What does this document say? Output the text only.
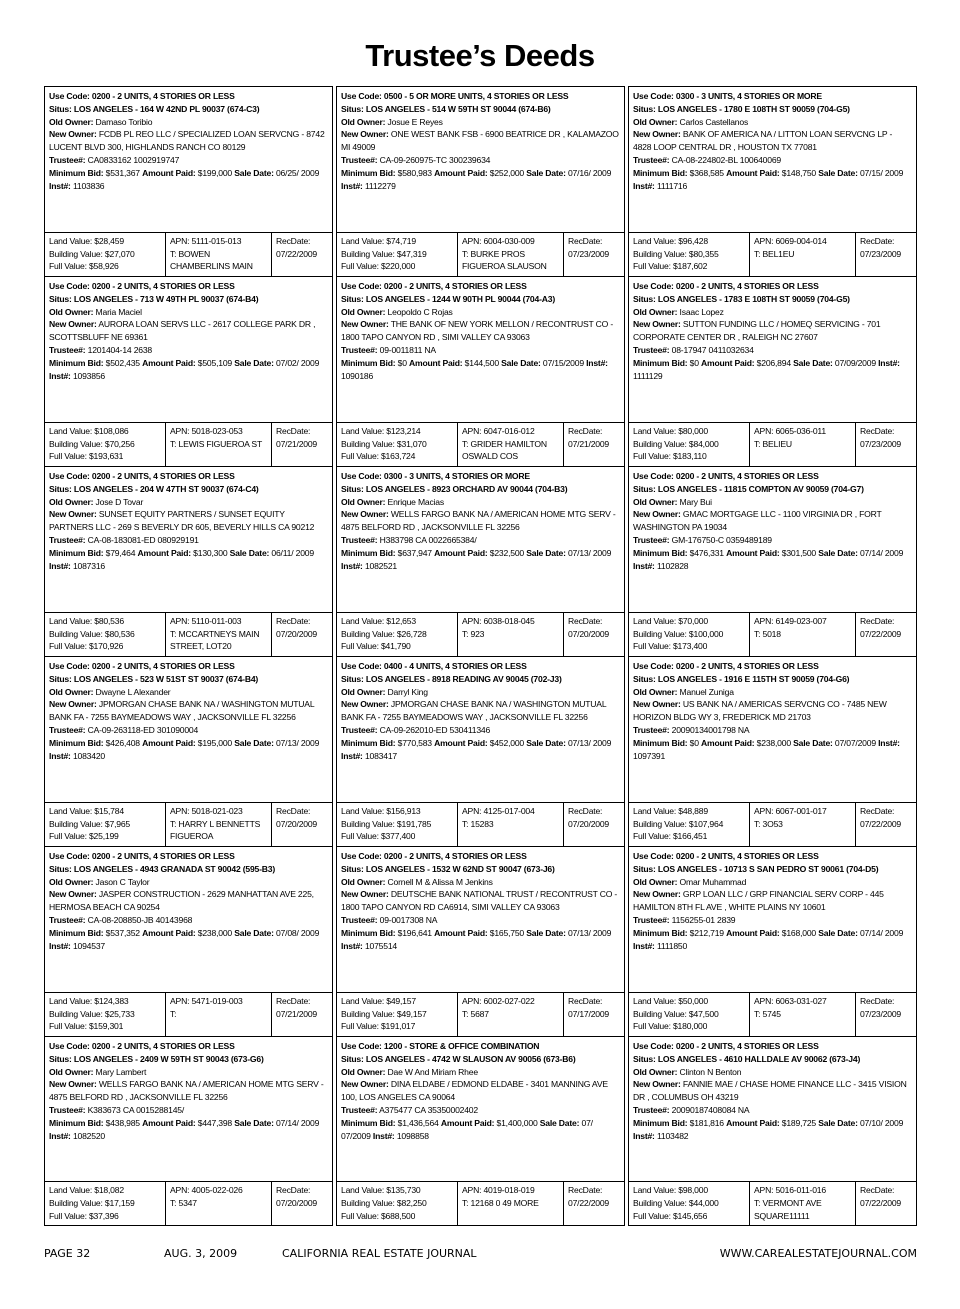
Trustee’s Deeds
Use Code: 0200 - 2 UNITS, 4 STORIES OR LESS
Situs: LOS ANGELES - 164 W 42ND PL 90037 (674-C3)
Old Owner: Damaso Toribio
New Owner: FCDB PL REO LLC / SPECIALIZED LOAN SERVCNG - 8742 LUCENT BLVD 300, HIGHLANDS RANCH CO 80129
Trustee#: CA0833162 1002919747
Minimum Bid: $531,367 Amount Paid: $199,000 Sale Date: 06/25/ 2009 Inst#: 1103836
Land Value: $28,459
Building Value: $27,070
Full Value: $58,926
APN: 5111-015-013
T: BOWEN CHAMBERLINS MAIN
RecDate:
07/22/2009
Use Code: 0200 - 2 UNITS, 4 STORIES OR LESS
Situs: LOS ANGELES - 713 W 49TH PL 90037 (674-B4)
Old Owner: Maria Maciel
New Owner: AURORA LOAN SERVS LLC - 2617 COLLEGE PARK DR , SCOTTSBLUFF NE 69361
Trustee#: 1201404-14 2638
Minimum Bid: $502,435 Amount Paid: $505,109 Sale Date: 07/02/ 2009 Inst#: 1093856
Land Value: $108,086
Building Value: $70,256
Full Value: $193,631
APN: 5018-023-053
T: LEWIS FIGUEROA ST
RecDate:
07/21/2009
Use Code: 0200 - 2 UNITS, 4 STORIES OR LESS
Situs: LOS ANGELES - 204 W 47TH ST 90037 (674-C4)
Old Owner: Jose D Tovar
New Owner: SUNSET EQUITY PARTNERS / SUNSET EQUITY PARTNERS LLC - 269 S BEVERLY DR 605, BEVERLY HILLS CA 90212
Trustee#: CA-08-183081-ED 080929191
Minimum Bid: $79,464 Amount Paid: $130,300 Sale Date: 06/11/ 2009 Inst#: 1087316
Land Value: $80,536
Building Value: $80,536
Full Value: $170,926
APN: 5110-011-003
T: MCCARTNEYS MAIN STREET, LOT20
RecDate:
07/20/2009
Use Code: 0200 - 2 UNITS, 4 STORIES OR LESS
Situs: LOS ANGELES - 523 W 51ST ST 90037 (674-B4)
Old Owner: Dwayne L Alexander
New Owner: JPMORGAN CHASE BANK NA / WASHINGTON MUTUAL BANK FA - 7255 BAYMEADOWS WAY , JACKSONVILLE FL 32256
Trustee#: CA-09-263118-ED 301090004
Minimum Bid: $426,408 Amount Paid: $195,000 Sale Date: 07/13/ 2009 Inst#: 1083420
Land Value: $15,784
Building Value: $7,965
Full Value: $25,199
APN: 5018-021-023
T: HARRY L BENNETTS FIGUEROA
RecDate:
07/20/2009
Use Code: 0200 - 2 UNITS, 4 STORIES OR LESS
Situs: LOS ANGELES - 4943 GRANADA ST 90042 (595-B3)
Old Owner: Jason C Taylor
New Owner: JASPER CONSTRUCTION - 2629 MANHATTAN AVE 225, HERMOSA BEACH CA 90254
Trustee#: CA-08-208850-JB 40143968
Minimum Bid: $537,352 Amount Paid: $238,000 Sale Date: 07/08/ 2009 Inst#: 1094537
Land Value: $124,383
Building Value: $25,733
Full Value: $159,301
APN: 5471-019-003
T:
RecDate:
07/21/2009
Use Code: 0200 - 2 UNITS, 4 STORIES OR LESS
Situs: LOS ANGELES - 2409 W 59TH ST 90043 (673-G6)
Old Owner: Mary Lambert
New Owner: WELLS FARGO BANK NA / AMERICAN HOME MTG SERV - 4875 BELFORD RD , JACKSONVILLE FL 32256
Trustee#: K383673 CA 0015288145/
Minimum Bid: $438,985 Amount Paid: $447,398 Sale Date: 07/14/ 2009 Inst#: 1082520
Land Value: $18,082
Building Value: $17,159
Full Value: $37,396
APN: 4005-022-026
T: 5347
RecDate:
07/20/2009
Use Code: 0500 - 5 OR MORE UNITS, 4 STORIES OR LESS
Situs: LOS ANGELES - 514 W 59TH ST 90044 (674-B6)
Old Owner: Josue E Reyes
New Owner: ONE WEST BANK FSB - 6900 BEATRICE DR , KALAMAZOO MI 49009
Trustee#: CA-09-260975-TC 300239634
Minimum Bid: $580,983 Amount Paid: $252,000 Sale Date: 07/16/ 2009 Inst#: 1112279
Land Value: $74,719
Building Value: $47,319
Full Value: $220,000
APN: 6004-030-009
T: BURKE PROS FIGUEROA SLAUSON
RecDate:
07/23/2009
Use Code: 0200 - 2 UNITS, 4 STORIES OR LESS
Situs: LOS ANGELES - 1244 W 90TH PL 90044 (704-A3)
Old Owner: Leopoldo C Rojas
New Owner: THE BANK OF NEW YORK MELLON / RECONTRUST CO - 1800 TAPO CANYON RD , SIMI VALLEY CA 93063
Trustee#: 09-0011811 NA
Minimum Bid: $0 Amount Paid: $144,500 Sale Date: 07/15/2009 Inst#: 1090186
Land Value: $123,214
Building Value: $31,070
Full Value: $163,724
APN: 6047-016-012
T: GRIDER HAMILTON OSWALD COS
RecDate:
07/21/2009
Use Code: 0300 - 3 UNITS, 4 STORIES OR MORE
Situs: LOS ANGELES - 8923 ORCHARD AV 90044 (704-B3)
Old Owner: Enrique Macias
New Owner: WELLS FARGO BANK NA / AMERICAN HOME MTG SERV - 4875 BELFORD RD , JACKSONVILLE FL 32256
Trustee#: H383798 CA 0022665384/
Minimum Bid: $637,947 Amount Paid: $232,500 Sale Date: 07/13/ 2009 Inst#: 1082521
Land Value: $12,653
Building Value: $26,728
Full Value: $41,790
APN: 6038-018-045
T: 923
RecDate:
07/20/2009
Use Code: 0400 - 4 UNITS, 4 STORIES OR LESS
Situs: LOS ANGELES - 8918 READING AV 90045 (702-J3)
Old Owner: Darryl King
New Owner: JPMORGAN CHASE BANK NA / WASHINGTON MUTUAL BANK FA - 7255 BAYMEADOWS WAY , JACKSONVILLE FL 32256
Trustee#: CA-09-262010-ED 530411346
Minimum Bid: $770,583 Amount Paid: $452,000 Sale Date: 07/13/ 2009 Inst#: 1083417
Land Value: $156,913
Building Value: $191,785
Full Value: $377,400
APN: 4125-017-004
T: 15283
RecDate:
07/20/2009
Use Code: 0200 - 2 UNITS, 4 STORIES OR LESS
Situs: LOS ANGELES - 1532 W 62ND ST 90047 (673-J6)
Old Owner: Cornell M & Alissa M Jenkins
New Owner: DEUTSCHE BANK NATIONAL TRUST / RECONTRUST CO - 1800 TAPO CANYON RD CA6914, SIMI VALLEY CA 93063
Trustee#: 09-0017308 NA
Minimum Bid: $196,641 Amount Paid: $165,750 Sale Date: 07/13/ 2009 Inst#: 1075514
Land Value: $49,157
Building Value: $49,157
Full Value: $191,017
APN: 6002-027-022
T: 5687
RecDate:
07/17/2009
Use Code: 1200 - STORE & OFFICE COMBINATION
Situs: LOS ANGELES - 4742 W SLAUSON AV 90056 (673-B6)
Old Owner: Dae W And Miriam Rhee
New Owner: DINA ELDABE / EDMOND ELDABE - 3401 MANNING AVE 100, LOS ANGELES CA 90064
Trustee#: A375477 CA 35350002402
Minimum Bid: $1,436,564 Amount Paid: $1,400,000 Sale Date: 07/ 07/2009 Inst#: 1098858
Land Value: $135,730
Building Value: $82,250
Full Value: $688,500
APN: 4019-018-019
T: 12168 0 49 MORE
RecDate:
07/22/2009
Use Code: 0300 - 3 UNITS, 4 STORIES OR MORE
Situs: LOS ANGELES - 1780 E 108TH ST 90059 (704-G5)
Old Owner: Carlos Castellanos
New Owner: BANK OF AMERICA NA / LITTON LOAN SERVCNG LP - 4828 LOOP CENTRAL DR , HOUSTON TX 77081
Trustee#: CA-08-224802-BL 100640069
Minimum Bid: $368,585 Amount Paid: $148,750 Sale Date: 07/15/ 2009 Inst#: 1111716
Land Value: $96,428
Building Value: $80,355
Full Value: $187,602
APN: 6069-004-014
T: BEL1EU
RecDate:
07/23/2009
Use Code: 0200 - 2 UNITS, 4 STORIES OR LESS
Situs: LOS ANGELES - 1783 E 108TH ST 90059 (704-G5)
Old Owner: Isaac Lopez
New Owner: SUTTON FUNDING LLC / HOMEQ SERVICING - 701 CORPORATE CENTER DR , RALEIGH NC 27607
Trustee#: 08-17947 0411032634
Minimum Bid: $0 Amount Paid: $206,894 Sale Date: 07/09/2009 Inst#: 1111129
Land Value: $80,000
Building Value: $84,000
Full Value: $183,110
APN: 6065-036-011
T: BELIEU
RecDate:
07/23/2009
Use Code: 0200 - 2 UNITS, 4 STORIES OR LESS
Situs: LOS ANGELES - 11815 COMPTON AV 90059 (704-G7)
Old Owner: Mary Bui
New Owner: GMAC MORTGAGE LLC - 1100 VIRGINIA DR , FORT WASHINGTON PA 19034
Trustee#: GM-176750-C 0359489189
Minimum Bid: $476,331 Amount Paid: $301,500 Sale Date: 07/14/ 2009 Inst#: 1102828
Land Value: $70,000
Building Value: $100,000
Full Value: $173,400
APN: 6149-023-007
T: 5018
RecDate:
07/22/2009
Use Code: 0200 - 2 UNITS, 4 STORIES OR LESS
Situs: LOS ANGELES - 1916 E 115TH ST 90059 (704-G6)
Old Owner: Manuel Zuniga
New Owner: US BANK NA / AMERICAS SERVCNG CO - 7485 NEW HORIZON BLDG WY 3, FREDERICK MD 21703
Trustee#: 20090134001798 NA
Minimum Bid: $0 Amount Paid: $238,000 Sale Date: 07/07/2009 Inst#: 1097391
Land Value: $48,889
Building Value: $107,964
Full Value: $166,451
APN: 6067-001-017
T: 3O53
RecDate:
07/22/2009
Use Code: 0200 - 2 UNITS, 4 STORIES OR LESS
Situs: LOS ANGELES - 10713 S SAN PEDRO ST 90061 (704-D5)
Old Owner: Omar Muhammad
New Owner: GRP LOAN LLC / GRP FINANCIAL SERV CORP - 445 HAMILTON 8TH FL AVE , WHITE PLAINS NY 10601
Trustee#: 1156255-01 2839
Minimum Bid: $212,719 Amount Paid: $168,000 Sale Date: 07/14/ 2009 Inst#: 1111850
Land Value: $50,000
Building Value: $47,500
Full Value: $180,000
APN: 6063-031-027
T: 5745
RecDate:
07/23/2009
Use Code: 0200 - 2 UNITS, 4 STORIES OR LESS
Situs: LOS ANGELES - 4610 HALLDALE AV 90062 (673-J4)
Old Owner: Clinton N Benton
New Owner: FANNIE MAE / CHASE HOME FINANCE LLC - 3415 VISION DR , COLUMBUS OH 43219
Trustee#: 20090187408084 NA
Minimum Bid: $181,816 Amount Paid: $189,725 Sale Date: 07/10/ 2009 Inst#: 1103482
Land Value: $98,000
Building Value: $44,000
Full Value: $145,656
APN: 5016-011-016
T: VERMONT AVE SQUARE11111
RecDate:
07/22/2009
PAGE 32	AUG. 3, 2009	CALIFORNIA REAL ESTATE JOURNAL	WWW.CAREALESTATEJOURNAL.COM
